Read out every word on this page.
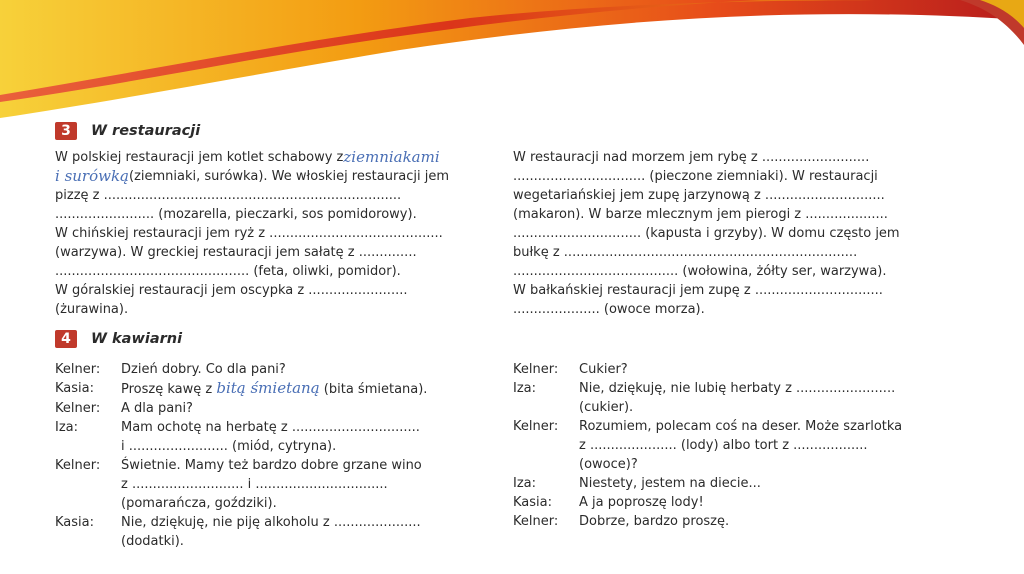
3	W restauracji
W polskiej restauracji jem kotlet schabowy z ziemniakami
i surówką (ziemniaki, surówka). We włoskiej restauracji jem
pizzę z ........................................................................
........................ (mozarella, pieczarki, sos pomidorowy).
W chińskiej restauracji jem ryż z ..........................................
(warzywa). W greckiej restauracji jem sałatę z ..............
............................................... (feta, oliwki, pomidor).
W góralskiej restauracji jem oscypka z ........................
(żurawina).
W restauracji nad morzem jem rybę z ..........................
................................ (pieczone ziemniaki). W restauracji
wegetariańskiej jem zupę jarzynową z .............................
(makaron). W barze mlecznym jem pierogi z ....................
............................... (kapusta i grzyby). W domu często jem
bułkę z .......................................................................
........................................ (wołowina, żółty ser, warzywa).
W bałkańskiej restauracji jem zupę z ...............................
..................... (owoce morza).
4	W kawiarni
Kelner:	Dzień dobry. Co dla pani?
Kasia:	Proszę kawę z bitą śmietaną (bita śmietana).
Kelner:	A dla pani?
Iza:	Mam ochotę na herbatę z ...............................
i ........................ (miód, cytryna).
Kelner:	Świetnie. Mamy też bardzo dobre grzane wino
z ........................... i ................................
(pomarańcza, goździki).
Kasia:	Nie, dziękuję, nie piję alkoholu z .....................
(dodatki).
Kelner:	Cukier?
Iza:	Nie, dziękuję, nie lubię herbaty z ........................
(cukier).
Kelner:	Rozumiem, polecam coś na deser. Może szarlotka
z ..................... (lody) albo tort z ..................
(owoce)?
Iza:	Niestety, jestem na diecie...
Kasia:	A ja poproszę lody!
Kelner:	Dobrze, bardzo proszę.
